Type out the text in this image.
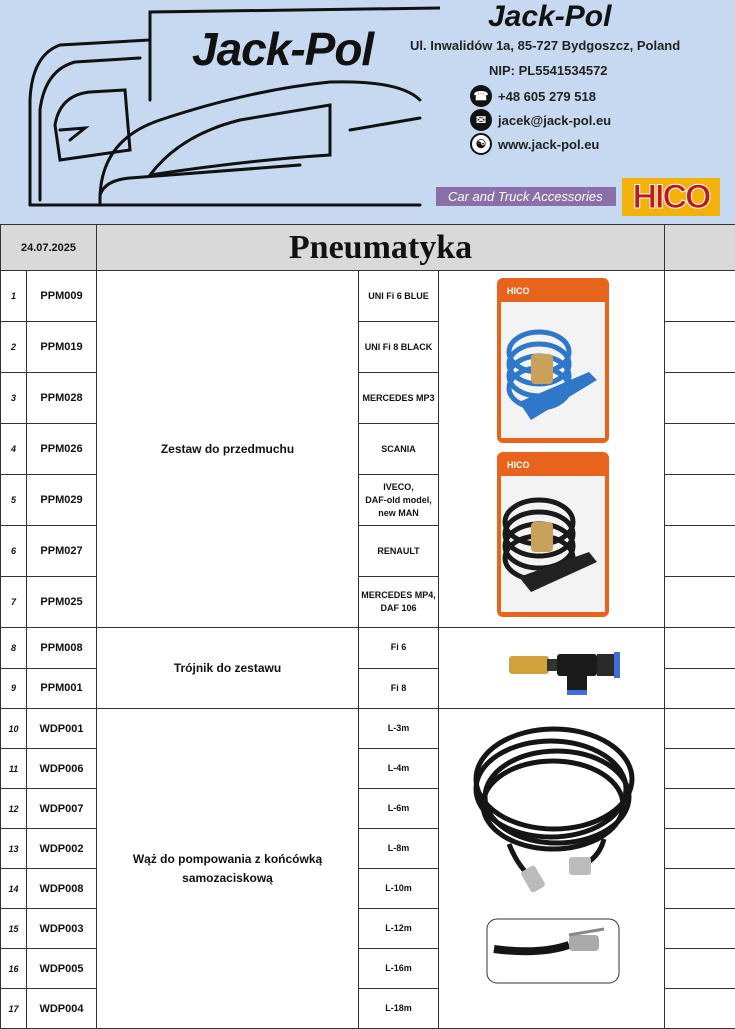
Jack-Pol
Jack-Pol
Ul. Inwalidów 1a, 85-727 Bydgoszcz, Poland
NIP: PL5541534572
☎ +48 605 279 518
✉ jacek@jack-pol.eu
☯ www.jack-pol.eu
Car and Truck Accessories HICO
24.07.2025		Pneumatyka			
1	PPM009	Zestaw do przedmuchu	UNI Fi 6 BLUE	HICO
HICO	

2	PPM019		UNI Fi 8 BLACK		
3	PPM028		MERCEDES MP3		
4	PPM026		SCANIA		
5	PPM029		IVECO,
DAF-old model,
new MAN		
6	PPM027		RENAULT		
7	PPM025		MERCEDES MP4,
DAF 106		
8	PPM008	Trójnik do zestawu	Fi 6	

9	PPM001		Fi 8		
10	WDP001	Wąż do pompowania z końcówką samozaciskową	L-3m	

11	WDP006		L-4m		
12	WDP007		L-6m		
13	WDP002		L-8m		
14	WDP008		L-10m		
15	WDP003		L-12m		
16	WDP005		L-16m		
17	WDP004		L-18m		
